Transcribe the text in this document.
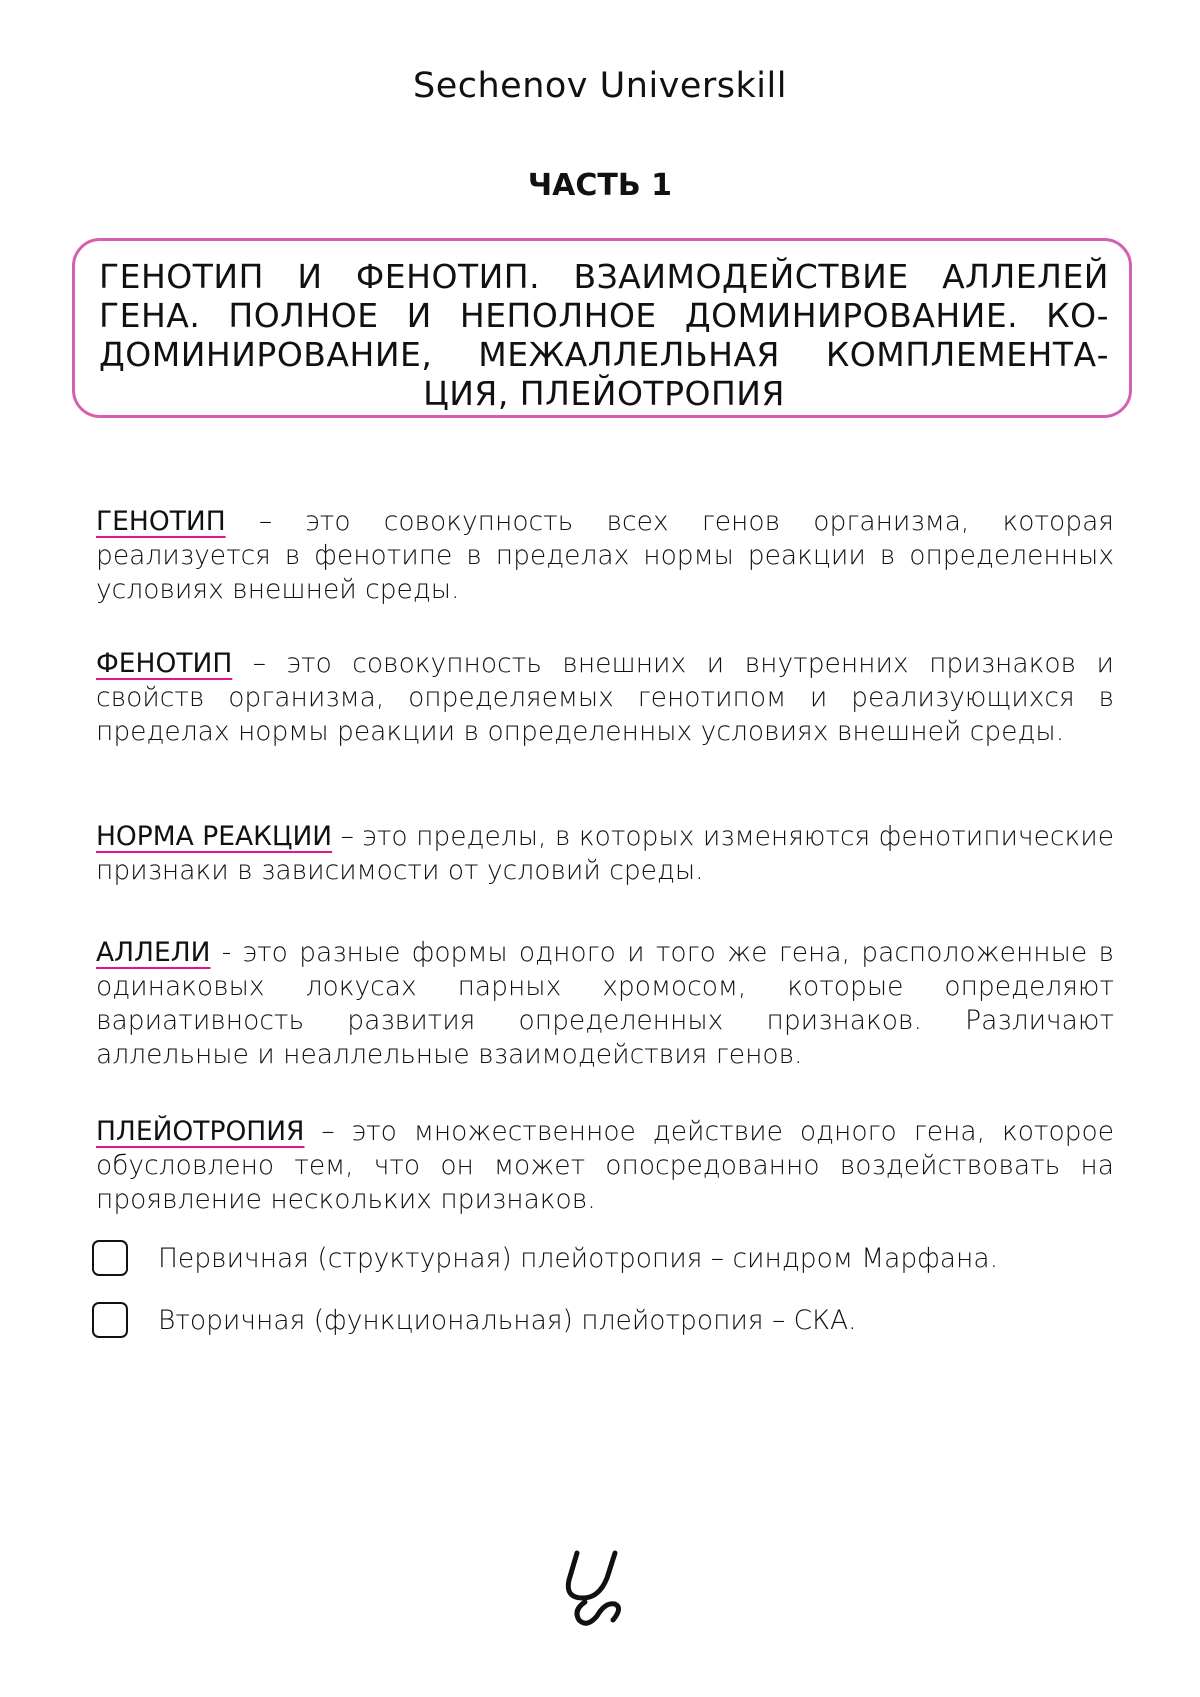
Sechenov Universkill
ЧАСТЬ 1
ГЕНОТИП И ФЕНОТИП. ВЗАИМОДЕЙСТВИЕ АЛЛЕЛЕЙ ГЕНА. ПОЛНОЕ И НЕПОЛНОЕ ДОМИНИРОВАНИЕ. КО-ДОМИНИРОВАНИЕ, МЕЖАЛЛЕЛЬНАЯ КОМПЛЕМЕНТА-ЦИЯ, ПЛЕЙОТРОПИЯ
ГЕНОТИП – это совокупность всех генов организма, которая реализуется в фенотипе в пределах нормы реакции в определенных условиях внешней среды.
ФЕНОТИП – это совокупность внешних и внутренних признаков и свойств организма, определяемых генотипом и реализующихся в пределах нормы реакции в определенных условиях внешней среды.
НОРМА РЕАКЦИИ – это пределы, в которых изменяются фенотипические признаки в зависимости от условий среды.
АЛЛЕЛИ - это разные формы одного и того же гена, расположенные в одинаковых локусах парных хромосом, которые определяют вариативность развития определенных признаков. Различают аллельные и неаллельные взаимодействия генов.
ПЛЕЙОТРОПИЯ – это множественное действие одного гена, которое обусловлено тем, что он может опосредованно воздействовать на проявление нескольких признаков.
Первичная (структурная) плейотропия – синдром Марфана.
Вторичная (функциональная) плейотропия – СКА.
